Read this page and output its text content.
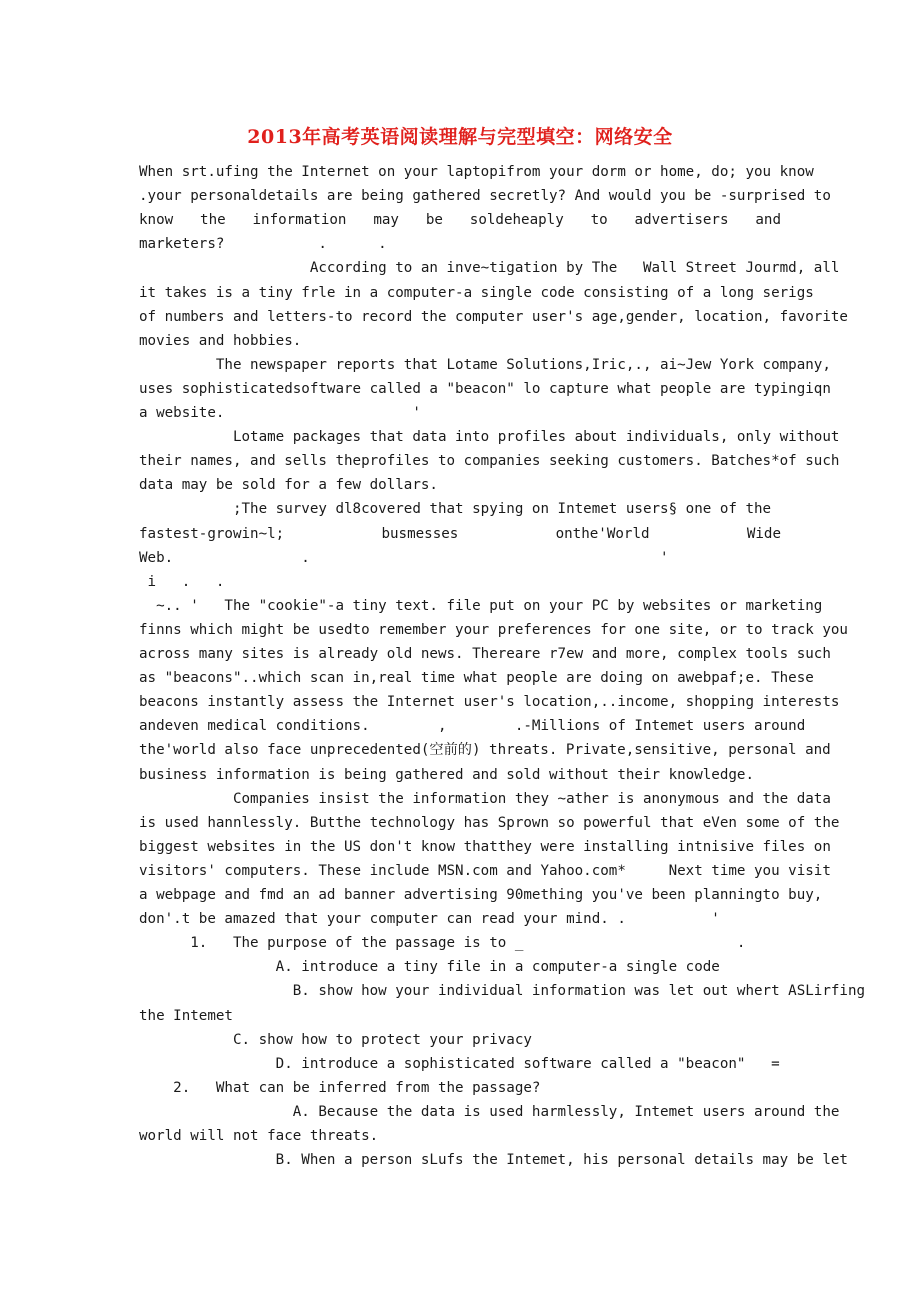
2013年高考英语阅读理解与完型填空：网络安全
When srt.ufing the Internet on your laptopifrom your dorm or home, do; you know
.your personaldetails are being gathered secretly? And would you be -surprised to
know the information may be soldeheaply to advertisers and
marketers?           .      .
According to an inve~tigation by The   Wall Street Jourmd, all
it takes is a tiny frle in a computer-a single code consisting of a long serigs
of numbers and letters-to record the computer user's age,gender, location, favorite
movies and hobbies.
The newspaper reports that Lotame Solutions,Iric,., ai~Jew York company,
uses sophisticatedsoftware called a "beacon" lo capture what people are typingiqn
a website.                      '
Lotame packages that data into profiles about individuals, only without
their names, and sells theprofiles to companies seeking customers. Batches*of such
data may be sold for a few dollars.
;The survey dl8covered that spying on Intemet users§ one of the
fastest-growin~l; busmesses onthe'World Wide
Web.               .                                         '
i   .   .
~.. '   The "cookie"-a tiny text. file put on your PC by websites or marketing
finns which might be usedto remember your preferences for one site, or to track you
across many sites is already old news. Thereare r7ew and more, complex tools such
as "beacons"..which scan in,real time what people are doing on awebpaf;e. These
beacons instantly assess the Internet user's location,..income, shopping interests
andeven medical conditions.        ,        .-Millions of Intemet users around
the'world also face unprecedented(空前的) threats. Private,sensitive, personal and
business information is being gathered and sold without their knowledge.
Companies insist the information they ~ather is anonymous and the data
is used hannlessly. Butthe technology has Sprown so powerful that eVen some of the
biggest websites in the US don't know thatthey were installing intnisive files on
visitors' computers. These include MSN.com and Yahoo.com*     Next time you visit
a webpage and fmd an ad banner advertising 90mething you've been planningto buy,
don'.t be amazed that your computer can read your mind. .          '
1.   The purpose of the passage is to _                         .
A. introduce a tiny file in a computer-a single code
B. show how your individual information was let out whert ASLirfing
the Intemet
C. show how to protect your privacy
D. introduce a sophisticated software called a "beacon"   =
2.   What can be inferred from the passage?
A. Because the data is used harmlessly, Intemet users around the
world will not face threats.
B. When a person sLufs the Intemet, his personal details may be let
